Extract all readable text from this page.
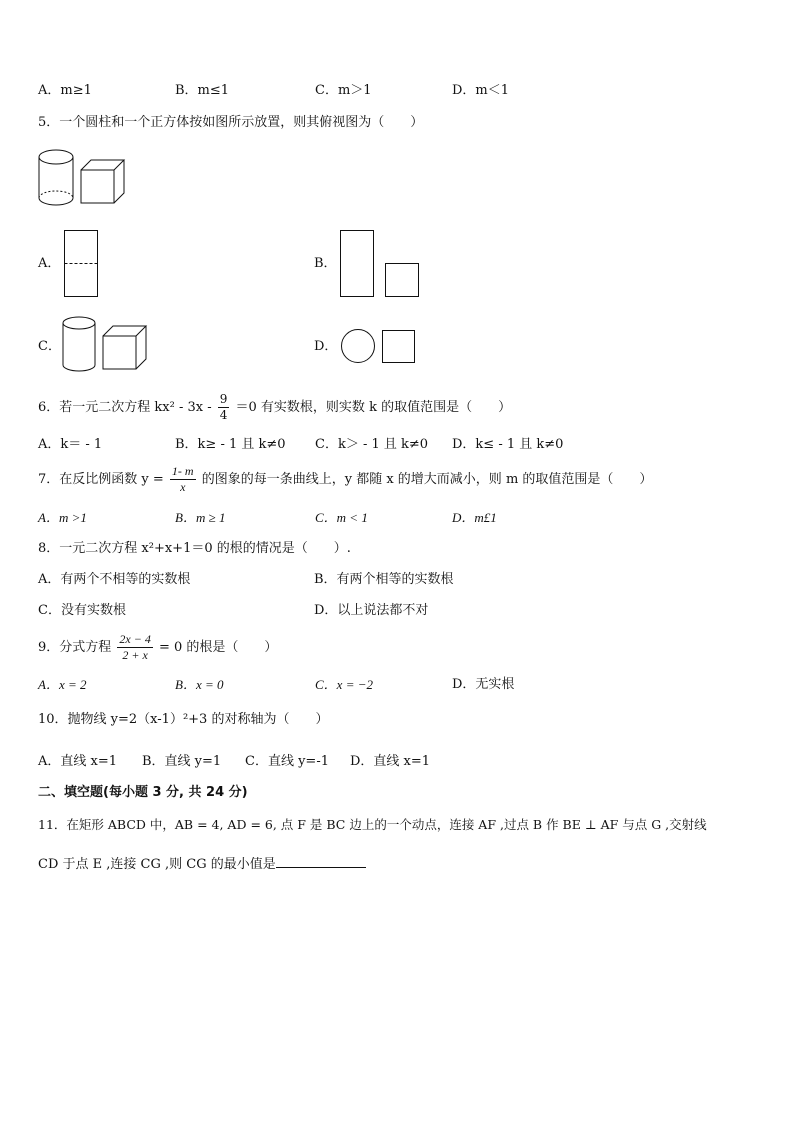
A．m≥1	B．m≤1	C．m＞1	D．m＜1
5．一个圆柱和一个正方体按如图所示放置，则其俯视图为（　　）
A．	B．
C．	D．
6．若一元二次方程 $kx^2 - 3x - \frac{9}{4} =0$ 有实数根，则实数 k 的取值范围是（　　）
A．k＝ - 1	B．k≥ - 1 且 k≠0 C．k＞ - 1 且 k≠0 D．k≤ - 1 且 k≠0
7．在反比例函数 $y = \frac{1- m}{x}$ 的图象的每一条曲线上，y 都随 x 的增大而减小，则 m 的取值范围是（　　）
A．m >1	B．m ≥ 1	C．m < 1	D．m£1
8．一元二次方程 x²+x+1＝0 的根的情况是（　　）.
A．有两个不相等的实数根	B．有两个相等的实数根
C．没有实数根	D．以上说法都不对
9．分式方程 $\frac{2x - 4}{2 + x} = 0$ 的根是（　　）
A．x = 2	B．x = 0	C．x = −2	D．无实根
10．抛物线 y=2（x-1）²+3 的对称轴为（　　）
A．直线 x=1 B．直线 y=1 C．直线 y=-1 D．直线 x=1
二、填空题(每小题 3 分, 共 24 分)
11．在矩形 ABCD 中，AB = 4, AD = 6, 点 F 是 BC 边上的一个动点，连接 AF ,过点 B 作 BE ⊥ AF 与点 G ,交射线
CD 于点 E ,连接 CG ,则 CG 的最小值是
